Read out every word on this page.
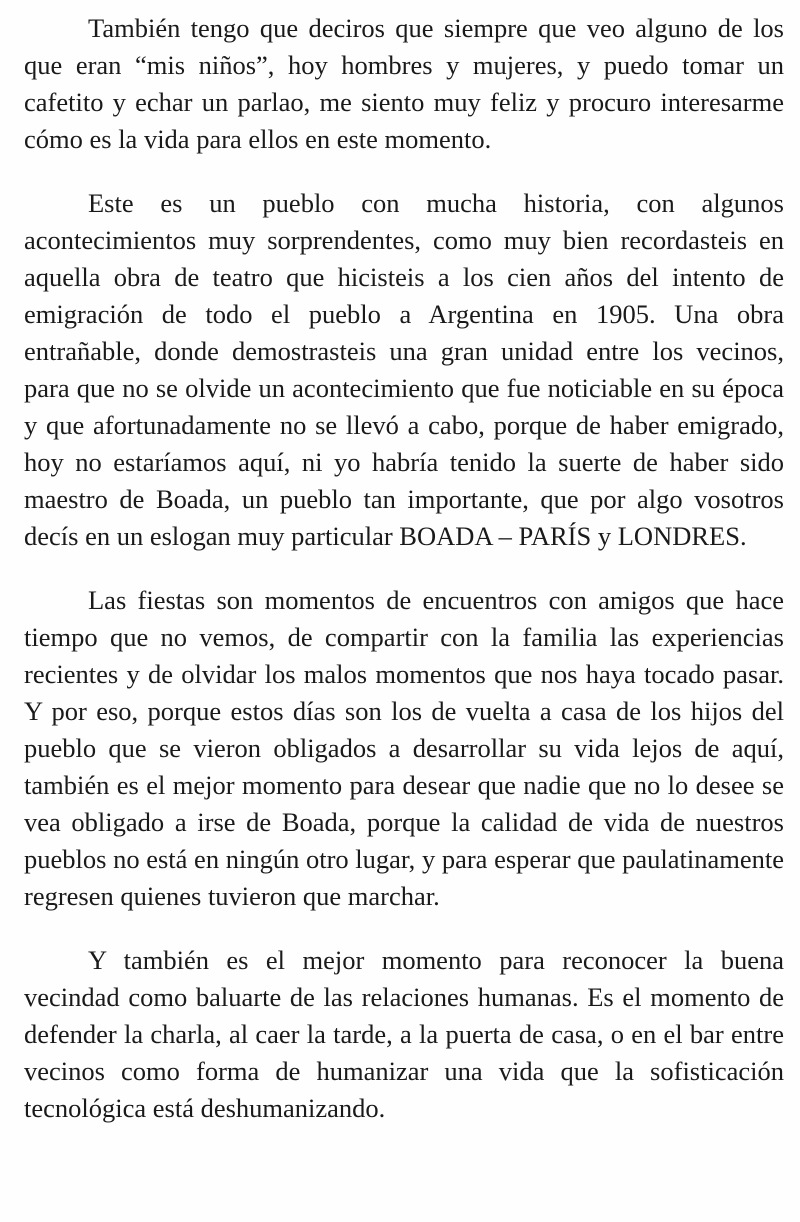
También tengo que deciros que siempre que veo alguno de los que eran “mis niños”, hoy hombres y mujeres, y puedo tomar un cafetito y echar un parlao, me siento muy feliz y procuro interesarme cómo es la vida para ellos en este momento.

Este es un pueblo con mucha historia, con algunos acontecimientos muy sorprendentes, como muy bien recordasteis en aquella obra de teatro que hicisteis a los cien años del intento de emigración de todo el pueblo a Argentina en 1905. Una obra entrañable, donde demostrasteis una gran unidad entre los vecinos, para que no se olvide un acontecimiento que fue noticiable en su época y que afortunadamente no se llevó a cabo, porque de haber emigrado, hoy no estaríamos aquí, ni yo habría tenido la suerte de haber sido maestro de Boada, un pueblo tan importante, que por algo vosotros decís en un eslogan muy particular BOADA – PARÍS y LONDRES.

Las fiestas son momentos de encuentros con amigos que hace tiempo que no vemos, de compartir con la familia las experiencias recientes y de olvidar los malos momentos que nos haya tocado pasar. Y por eso, porque estos días son los de vuelta a casa de los hijos del pueblo que se vieron obligados a desarrollar su vida lejos de aquí, también es el mejor momento para desear que nadie que no lo desee se vea obligado a irse de Boada, porque la calidad de vida de nuestros pueblos no está en ningún otro lugar, y para esperar que paulatinamente regresen quienes tuvieron que marchar.

Y también es el mejor momento para reconocer la buena vecindad como baluarte de las relaciones humanas. Es el momento de defender la charla, al caer la tarde, a la puerta de casa, o en el bar entre vecinos como forma de humanizar una vida que la sofisticación tecnológica está deshumanizando.
